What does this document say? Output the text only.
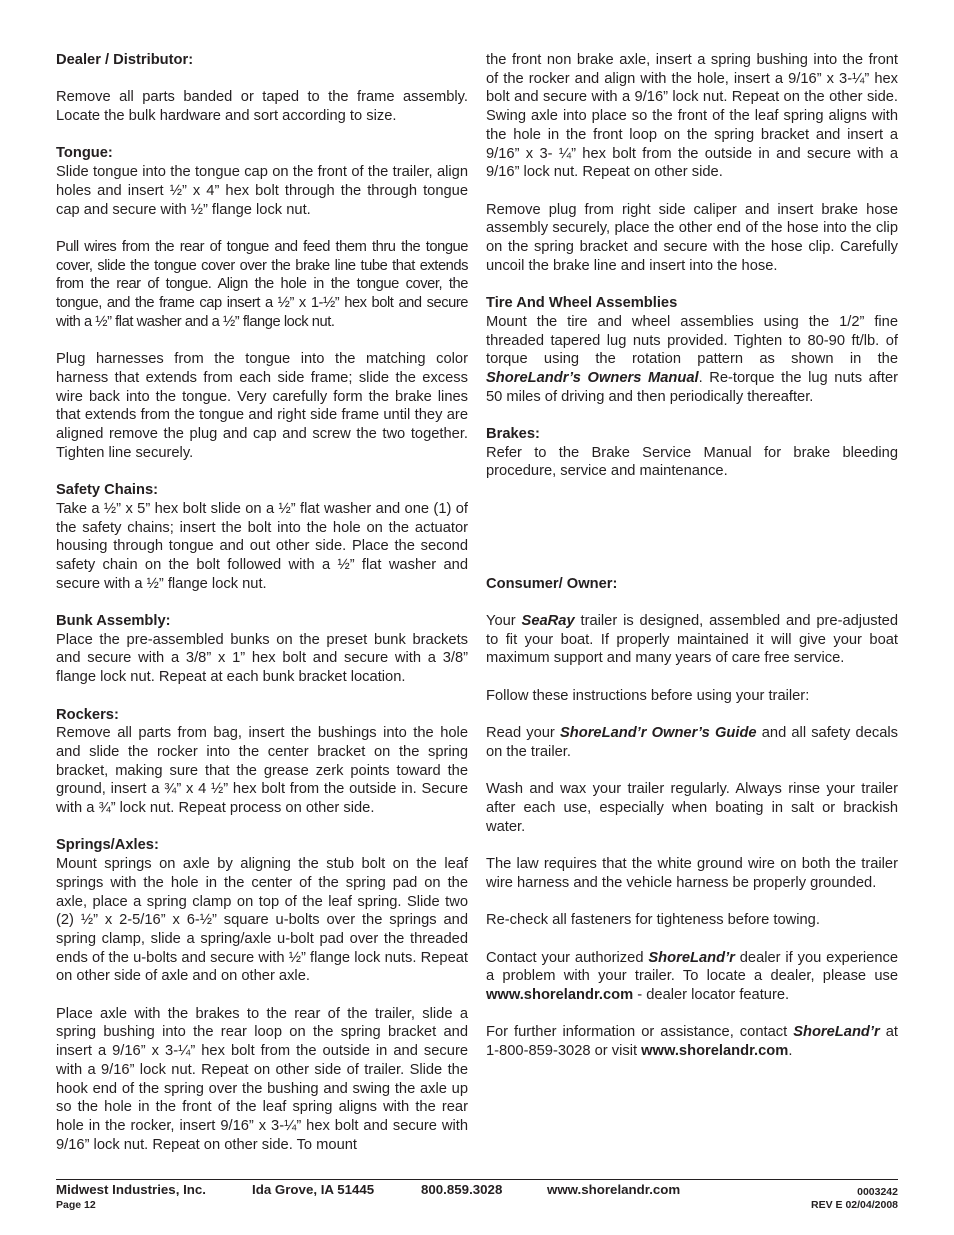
Dealer / Distributor:

Remove all parts banded or taped to the frame assembly. Locate the bulk hardware and sort according to size.

Tongue:

Slide tongue into the tongue cap on the front of the trailer, align holes and insert ½” x 4” hex bolt through the through tongue cap and secure with ½” flange lock nut.

Pull wires from the rear of tongue and feed them thru the tongue cover, slide the tongue cover over the brake line tube that extends from the rear of tongue. Align the hole in the tongue cover, the tongue, and the frame cap insert a ½” x 1-½” hex bolt and secure with a ½” flat washer and a ½” flange lock nut.

Plug harnesses from the tongue into the matching color harness that extends from each side frame; slide the excess wire back into the tongue. Very carefully form the brake lines that extends from the tongue and right side frame until they are aligned remove the plug and cap and screw the two together. Tighten line securely.

Safety Chains:

Take a ½” x 5” hex bolt slide on a ½” flat washer and one (1) of the safety chains; insert the bolt into the hole on the actuator housing through tongue and out other side. Place the second safety chain on the bolt followed with a ½” flat washer and secure with a ½” flange lock nut.

Bunk Assembly:

Place the pre-assembled bunks on the preset bunk brackets and secure with a 3/8” x 1” hex bolt and secure with a 3/8” flange lock nut. Repeat at each bunk bracket location.

Rockers:

Remove all parts from bag, insert the bushings into the hole and slide the rocker into the center bracket on the spring bracket, making sure that the grease zerk points toward the ground, insert a ¾” x 4 ½” hex bolt from the outside in. Secure with a ¾” lock nut. Repeat process on other side.

Springs/Axles:

Mount springs on axle by aligning the stub bolt on the leaf springs with the hole in the center of the spring pad on the axle, place a spring clamp on top of the leaf spring. Slide two (2) ½” x 2-5/16” x 6-½” square u-bolts over the springs and spring clamp, slide a spring/axle u-bolt pad over the threaded ends of the u-bolts and secure with ½” flange lock nuts. Repeat on other side of axle and on other axle.

Place axle with the brakes to the rear of the trailer, slide a spring bushing into the rear loop on the spring bracket and insert a 9/16” x 3-¼” hex bolt from the outside in and secure with a 9/16” lock nut. Repeat on other side of trailer. Slide the hook end of the spring over the bushing and swing the axle up so the hole in the front of the leaf spring aligns with the rear hole in the rocker, insert 9/16” x 3-¼” hex bolt and secure with 9/16” lock nut. Repeat on other side. To mount

the front non brake axle, insert a spring bushing into the front of the rocker and align with the hole, insert a 9/16” x 3-¼” hex bolt and secure with a 9/16” lock nut. Repeat on the other side. Swing axle into place so the front of the leaf spring aligns with the hole in the front loop on the spring bracket and insert a 9/16” x 3- ¼” hex bolt from the outside in and secure with a 9/16” lock nut. Repeat on other side.

Remove plug from right side caliper and insert brake hose assembly securely, place the other end of the hose into the clip on the spring bracket and secure with the hose clip. Carefully uncoil the brake line and insert into the hose.

Tire And Wheel Assemblies

Mount the tire and wheel assemblies using the 1/2” fine threaded tapered lug nuts provided. Tighten to 80-90 ft/lb. of torque using the rotation pattern as shown in the ShoreLandr’s Owners Manual. Re-torque the lug nuts after 50 miles of driving and then periodically thereafter.

Brakes:

Refer to the Brake Service Manual for brake bleeding procedure, service and maintenance.

Consumer/ Owner:

Your SeaRay trailer is designed, assembled and pre-adjusted to fit your boat. If properly maintained it will give your boat maximum support and many years of care free service.

Follow these instructions before using your trailer:

Read your ShoreLand’r Owner’s Guide and all safety decals on the trailer.

Wash and wax your trailer regularly. Always rinse your trailer after each use, especially when boating in salt or brackish water.

The law requires that the white ground wire on both the trailer wire harness and the vehicle harness be properly grounded.

Re-check all fasteners for tighteness before towing.

Contact your authorized ShoreLand’r dealer if you experience a problem with your trailer. To locate a dealer, please use www.shorelandr.com - dealer locator feature.

For further information or assistance, contact ShoreLand’r at 1-800-859-3028 or visit www.shorelandr.com.

Midwest Industries, Inc.	Ida Grove, IA 51445	800.859.3028	www.shorelandr.com
Page 12
0003242
REV E 02/04/2008
